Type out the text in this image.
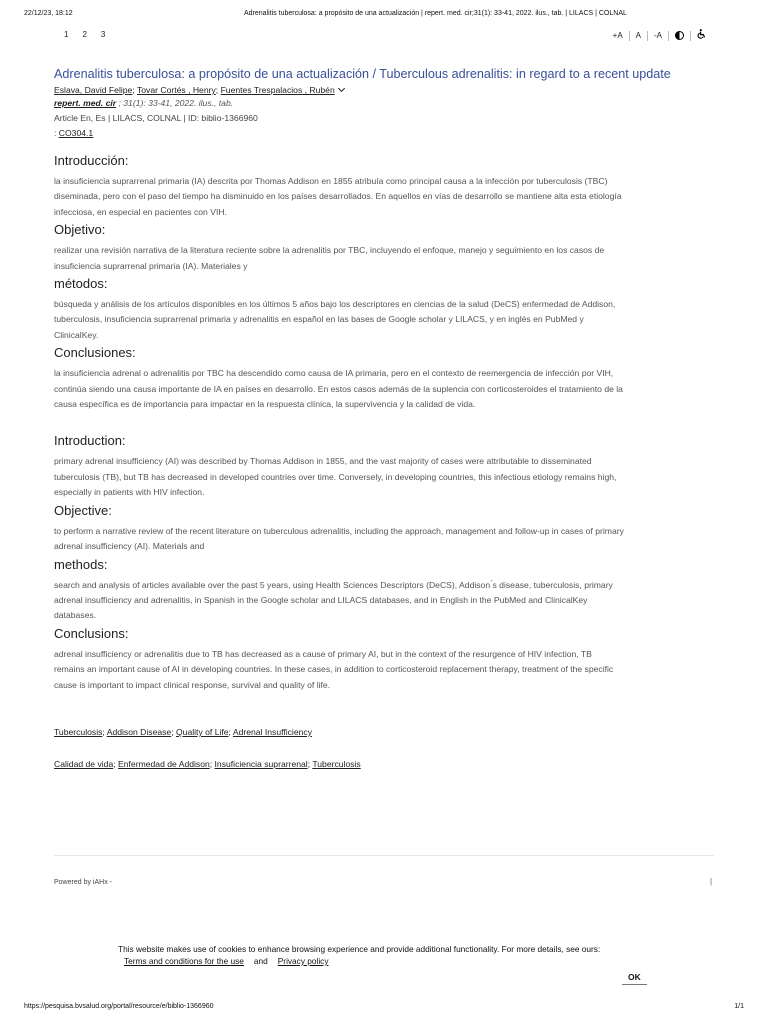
22/12/23, 18:12	Adrenalitis tuberculosa: a propósito de una actualización | repert. med. cir;31(1): 33-41, 2022. ilus., tab. | LILACS | COLNAL
1 2 3	+A	A	-A
Adrenalitis tuberculosa: a propósito de una actualización / Tuberculous adrenalitis: in regard to a recent update
Eslava, David Felipe; Tovar Cortés , Henry; Fuentes Trespalacios , Rubén
repert. med. cir ; 31(1): 33-41, 2022. ilus., tab.
Article En, Es | LILACS, COLNAL | ID: biblio-1366960
: CO304.1
Introducción:

la insuficiencia suprarrenal primaria (IA) descrita por Thomas Addison en 1855 atribuía como principal causa a la infección por tuberculosis (TBC) diseminada, pero con el paso del tiempo ha disminuido en los países desarrollados. En aquellos en vías de desarrollo se mantiene alta esta etiología infecciosa, en especial en pacientes con VIH.

Objetivo:

realizar una revisión narrativa de la literatura reciente sobre la adrenalitis por TBC, incluyendo el enfoque, manejo y seguimiento en los casos de insuficiencia suprarrenal primaria (IA). Materiales y

métodos:

búsqueda y análisis de los artículos disponibles en los últimos 5 años bajo los descriptores en ciencias de la salud (DeCS) enfermedad de Addison, tuberculosis, insuficiencia suprarrenal primaria y adrenalitis en español en las bases de Google scholar y LILACS, y en inglés en PubMed y ClinicalKey.

Conclusiones:

la insuficiencia adrenal o adrenalitis por TBC ha descendido como causa de IA primaria, pero en el contexto de reemergencia de infección por VIH, continúa siendo una causa importante de IA en países en desarrollo. En estos casos además de la suplencia con corticosteroides el tratamiento de la causa específica es de importancia para impactar en la respuesta clínica, la supervivencia y la calidad de vida.

Introduction:

primary adrenal insufficiency (AI) was described by Thomas Addison in 1855, and the vast majority of cases were attributable to disseminated tuberculosis (TB), but TB has decreased in developed countries over time. Conversely, in developing countries, this infectious etiology remains high, especially in patients with HIV infection.

Objective:

to perform a narrative review of the recent literature on tuberculous adrenalitis, including the approach, management and follow-up in cases of primary adrenal insufficiency (AI). Materials and

methods:

search and analysis of articles available over the past 5 years, using Health Sciences Descriptors (DeCS), Addison ́s disease, tuberculosis, primary adrenal insufficiency and adrenalitis, in Spanish in the Google scholar and LILACS databases, and in English in the PubMed and ClinicalKey databases.

Conclusions:

adrenal insufficiency or adrenalitis due to TB has decreased as a cause of primary AI, but in the context of the resurgence of HIV infection, TB remains an important cause of AI in developing countries. In these cases, in addition to corticosteroid replacement therapy, treatment of the specific cause is important to impact clinical response, survival and quality of life.

Tuberculosis; Addison Disease; Quality of Life; Adrenal Insufficiency
Calidad de vida; Enfermedad de Addison; Insuficiencia suprarrenal; Tuberculosis
Powered by iAHx -	|
This website makes use of cookies to enhance browsing experience and provide additional functionality. For more details, see ours:
Terms and conditions for the use and Privacy policy
OK
https://pesquisa.bvsalud.org/portal/resource/e/biblio-1366960	1/1
